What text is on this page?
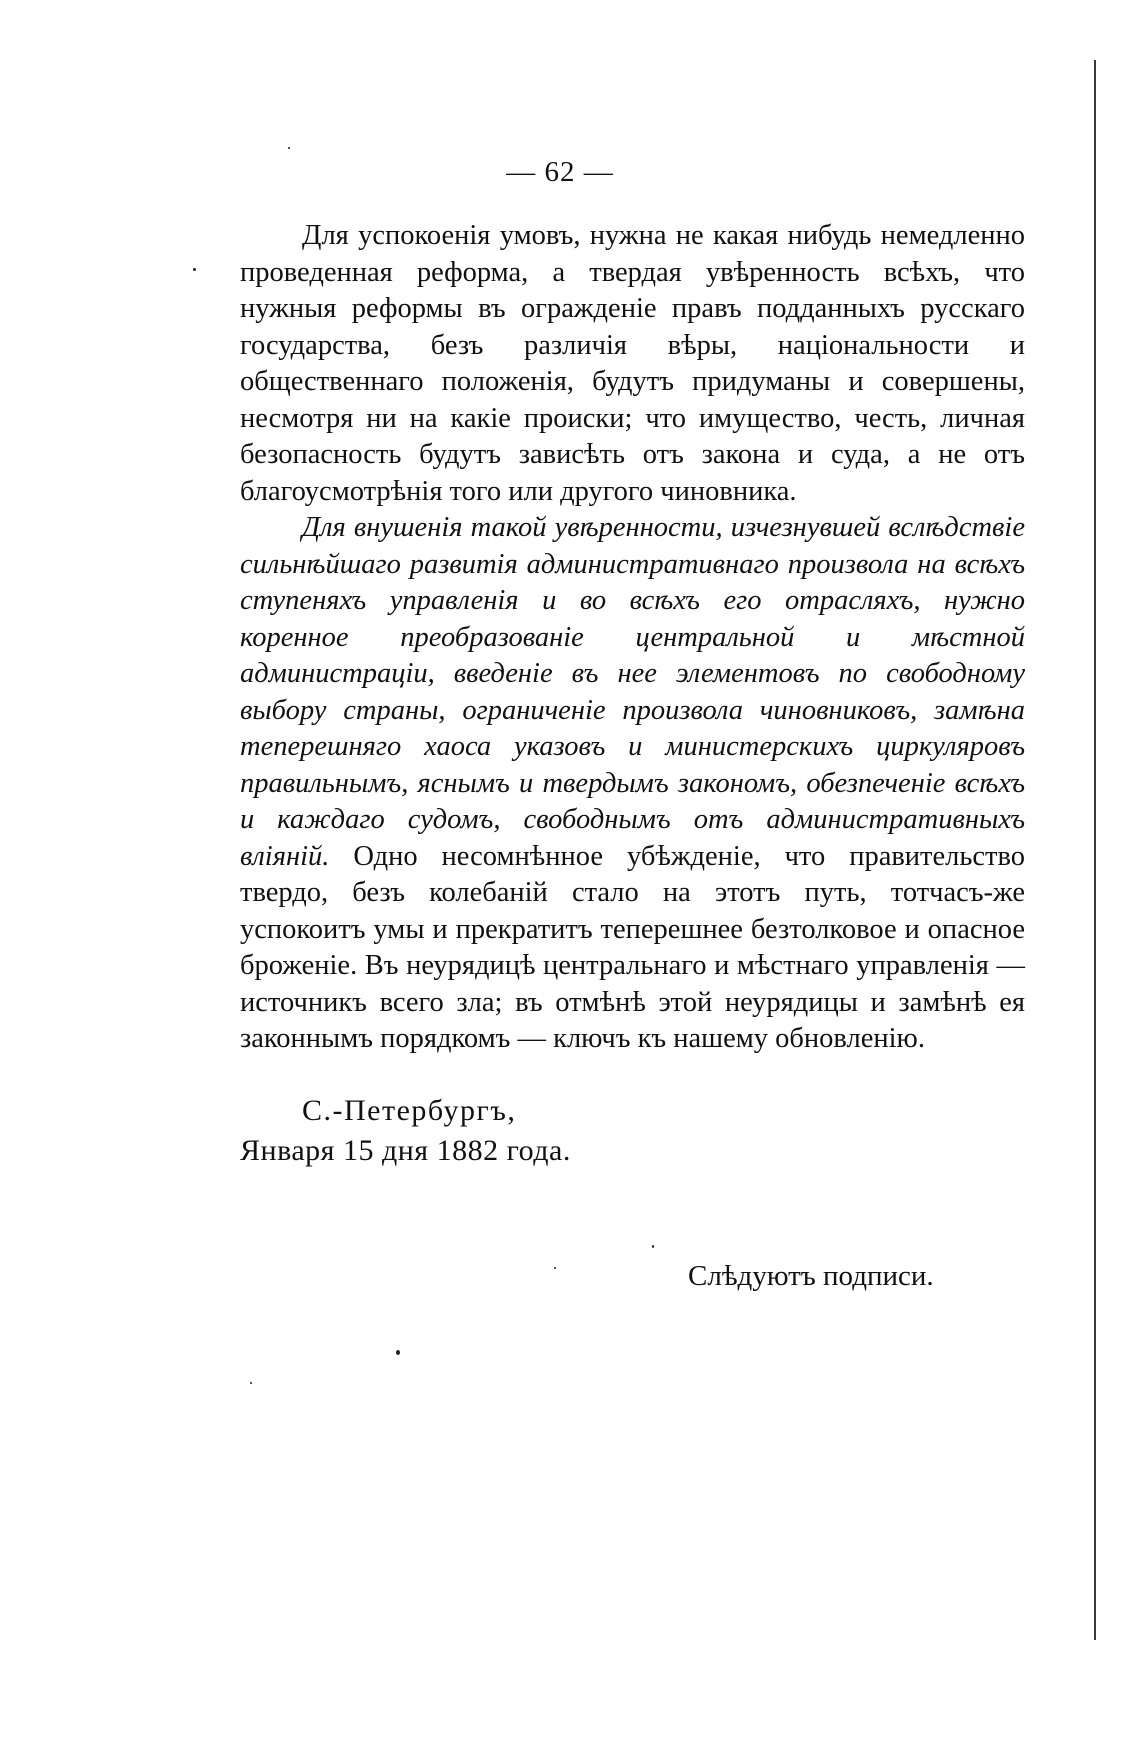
— 62 —

Для успокоенія умовъ, нужна не какая нибудь немедленно проведенная реформа, а твердая увѣренность всѣхъ, что нужныя реформы въ огражденіе правъ подданныхъ русскаго государства, безъ различія вѣры, національности и общественнаго положенія, будутъ придуманы и совершены, несмотря ни на какіе происки; что имущество, честь, личная безопасность будутъ зависѣть отъ закона и суда, а не отъ благоусмотрѣнія того или другого чиновника.

Для внушенія такой увѣренности, изчезнувшей вслѣдствіе сильнѣйшаго развитія административнаго произвола на всѣхъ ступеняхъ управленія и во всѣхъ его отрасляхъ, нужно коренное преобразованіе центральной и мѣстной администраціи, введеніе въ нее элементовъ по свободному выбору страны, ограниченіе произвола чиновниковъ, замѣна теперешняго хаоса указовъ и министерскихъ циркуляровъ правильнымъ, яснымъ и твердымъ закономъ, обезпеченіе всѣхъ и каждаго судомъ, свободнымъ отъ административныхъ вліяній. Одно несомнѣнное убѣжденіе, что правительство твердо, безъ колебаній стало на этотъ путь, тотчасъ-же успокоитъ умы и прекратитъ теперешнее безтолковое и опасное броженіе. Въ неурядицѣ центральнаго и мѣстнаго управленія — источникъ всего зла; въ отмѣнѣ этой неурядицы и замѣнѣ ея законнымъ порядкомъ — ключъ къ нашему обновленію.

С.-Петербургъ,
Января 15 дня 1882 года.
Слѣдуютъ подписи.
